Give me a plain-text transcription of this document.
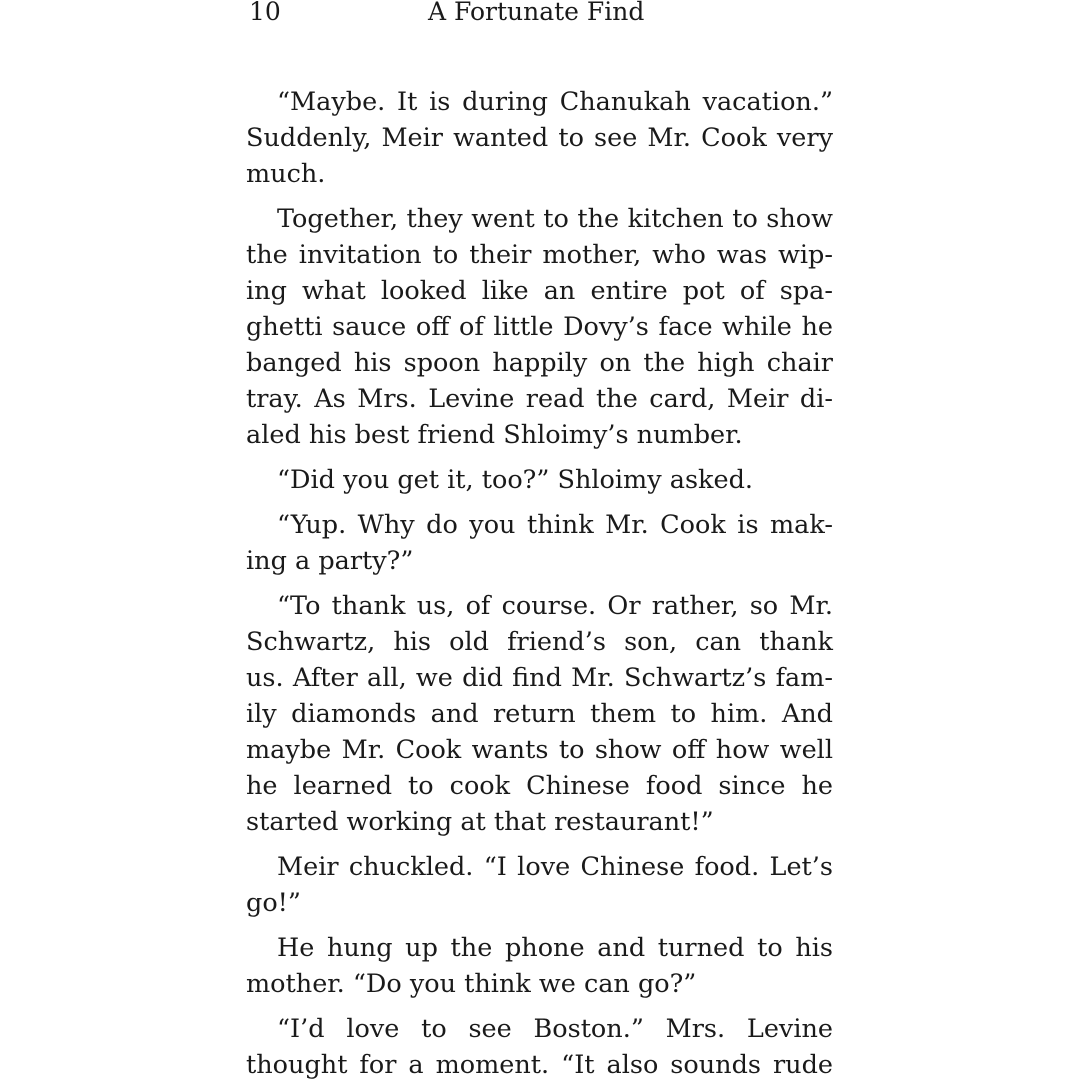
10	A Fortunate Find
“Maybe. It is during Chanukah vacation.”
Suddenly, Meir wanted to see Mr. Cook very
much.
Together, they went to the kitchen to show
the invitation to their mother, who was wip-
ing what looked like an entire pot of spa-
ghetti sauce off of little Dovy’s face while he
banged his spoon happily on the high chair
tray. As Mrs. Levine read the card, Meir di-
aled his best friend Shloimy’s number.
“Did you get it, too?” Shloimy asked.
“Yup. Why do you think Mr. Cook is mak-
ing a party?”
“To thank us, of course. Or rather, so Mr.
Schwartz, his old friend’s son, can thank
us. After all, we did find Mr. Schwartz’s fam-
ily diamonds and return them to him. And
maybe Mr. Cook wants to show off how well
he learned to cook Chinese food since he
started working at that restaurant!”
Meir chuckled. “I love Chinese food. Let’s
go!”
He hung up the phone and turned to his
mother. “Do you think we can go?”
“I’d love to see Boston.” Mrs. Levine
thought for a moment. “It also sounds rude
